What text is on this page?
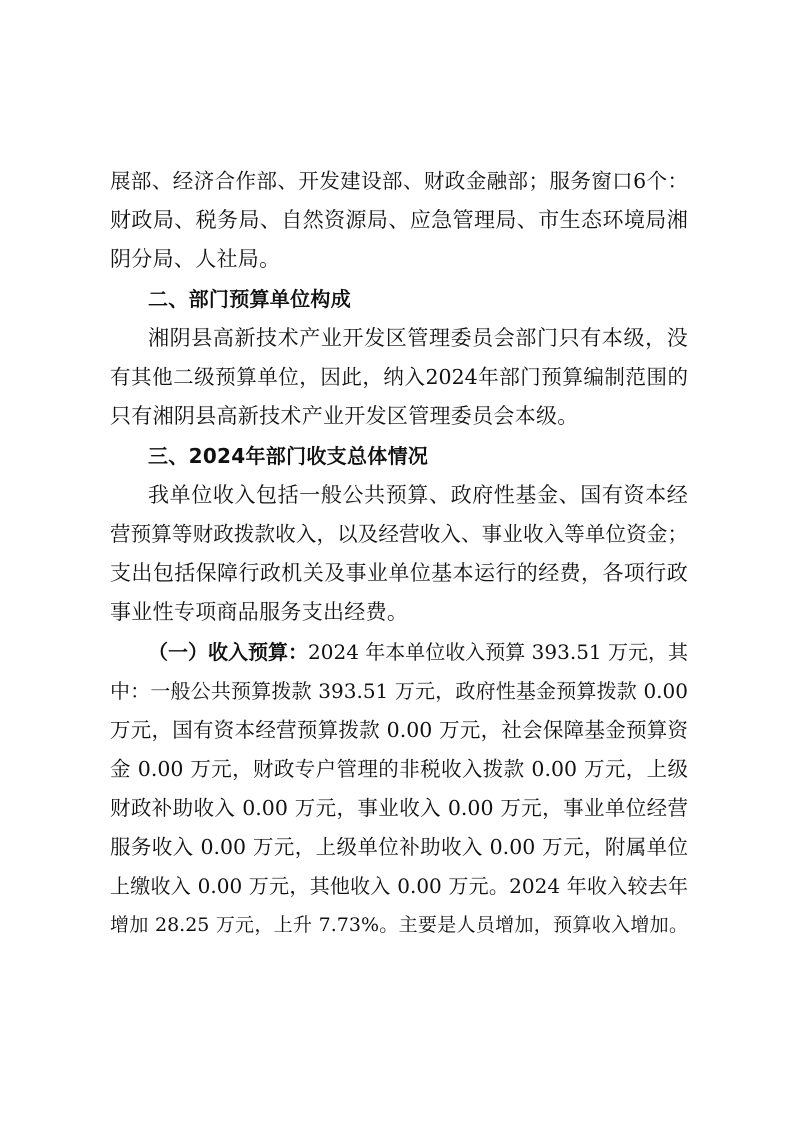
展部、经济合作部、开发建设部、财政金融部；服务窗口6个：
财政局、税务局、自然资源局、应急管理局、市生态环境局湘
阴分局、人社局。
二、部门预算单位构成
湘阴县高新技术产业开发区管理委员会部门只有本级，没
有其他二级预算单位，因此，纳入2024年部门预算编制范围的
只有湘阴县高新技术产业开发区管理委员会本级。
三、2024年部门收支总体情况
我单位收入包括一般公共预算、政府性基金、国有资本经
营预算等财政拨款收入，以及经营收入、事业收入等单位资金；
支出包括保障行政机关及事业单位基本运行的经费，各项行政
事业性专项商品服务支出经费。
（一）收入预算：2024 年本单位收入预算 393.51 万元，其
中：一般公共预算拨款 393.51 万元，政府性基金预算拨款 0.00
万元，国有资本经营预算拨款 0.00 万元，社会保障基金预算资
金 0.00 万元，财政专户管理的非税收入拨款 0.00 万元，上级
财政补助收入 0.00 万元，事业收入 0.00 万元，事业单位经营
服务收入 0.00 万元，上级单位补助收入 0.00 万元，附属单位
上缴收入 0.00 万元，其他收入 0.00 万元。2024 年收入较去年
增加 28.25 万元，上升 7.73%。主要是人员增加，预算收入增加。
